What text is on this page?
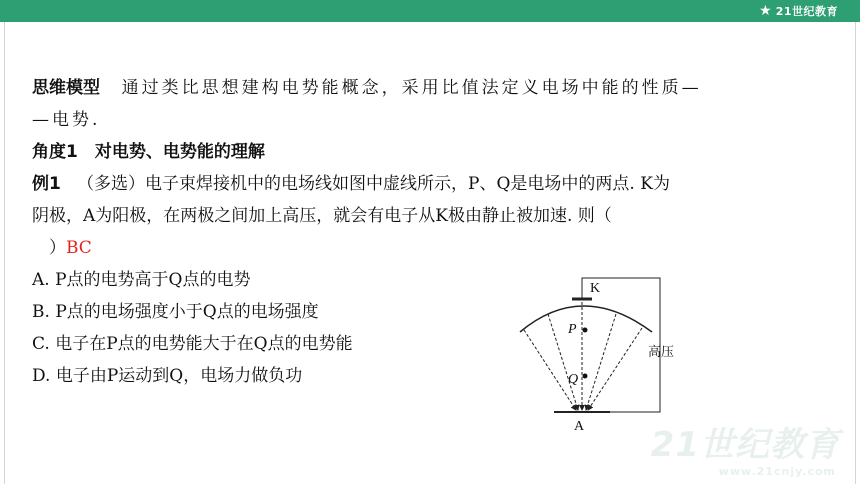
★ 21世纪教育
思维模型 通过类比思想建构电势能概念，采用比值法定义电场中能的性质—
—电势.
角度1　对电势、电势能的理解
例1 （多选）电子束焊接机中的电场线如图中虚线所示，P、Q是电场中的两点. K为
阴极，A为阳极，在两极之间加上高压，就会有电子从K极由静止被加速. 则（
　）BC
A. P点的电势高于Q点的电势
B. P点的电场强度小于Q点的电场强度
C. 电子在P点的电势能大于在Q点的电势能
D. 电子由P运动到Q，电场力做负功
P
Q
K
A
高压
21世纪教育
www.21cnjy.com
